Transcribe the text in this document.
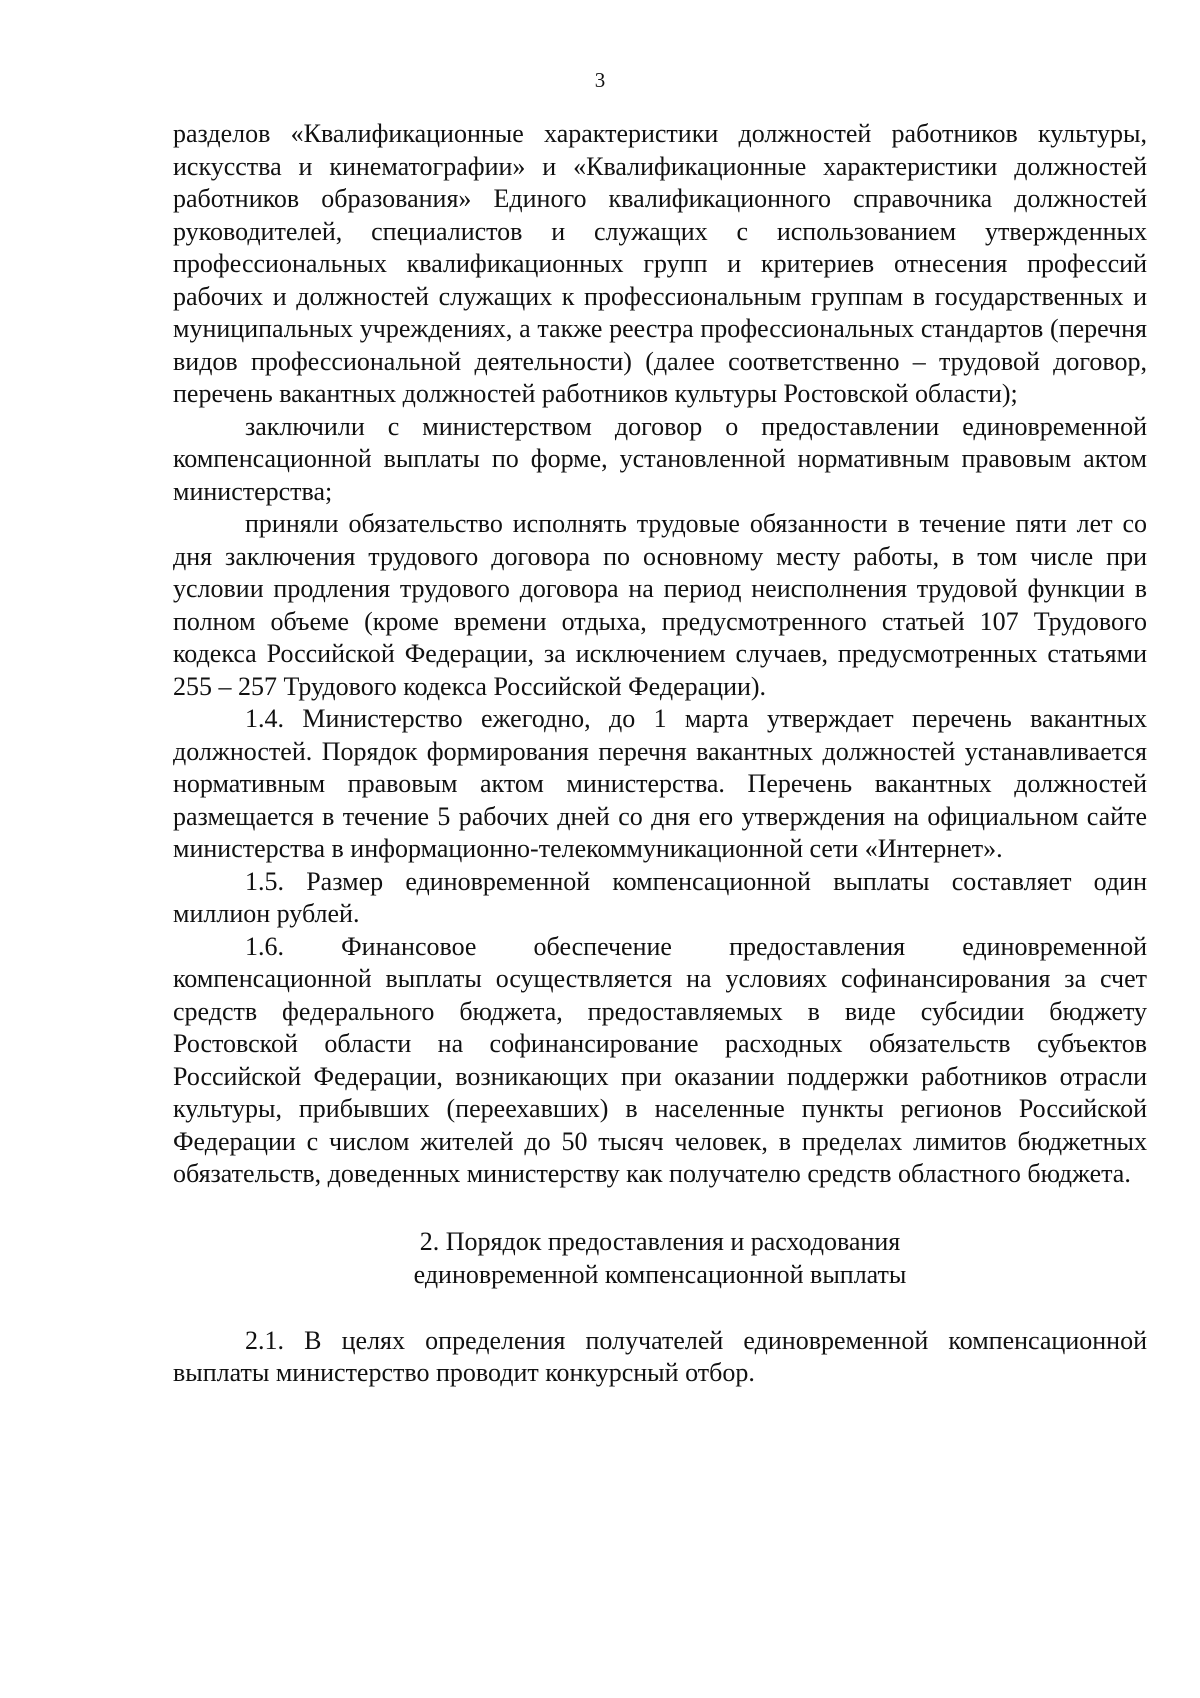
3

разделов «Квалификационные характеристики должностей работников культуры, искусства и кинематографии» и «Квалификационные характеристики должностей работников образования» Единого квалификационного справочника должностей руководителей, специалистов и служащих с использованием утвержденных профессиональных квалификационных групп и критериев отнесения профессий рабочих и должностей служащих к профессиональным группам в государственных и муниципальных учреждениях, а также реестра профессиональных стандартов (перечня видов профессиональной деятельности) (далее соответственно – трудовой договор, перечень вакантных должностей работников культуры Ростовской области);

заключили с министерством договор о предоставлении единовременной компенсационной выплаты по форме, установленной нормативным правовым актом министерства;

приняли обязательство исполнять трудовые обязанности в течение пяти лет со дня заключения трудового договора по основному месту работы, в том числе при условии продления трудового договора на период неисполнения трудовой функции в полном объеме (кроме времени отдыха, предусмотренного статьей 107 Трудового кодекса Российской Федерации, за исключением случаев, предусмотренных статьями 255 – 257 Трудового кодекса Российской Федерации).

1.4. Министерство ежегодно, до 1 марта утверждает перечень вакантных должностей. Порядок формирования перечня вакантных должностей устанавливается нормативным правовым актом министерства. Перечень вакантных должностей размещается в течение 5 рабочих дней со дня его утверждения на официальном сайте министерства в информационно-телекоммуникационной сети «Интернет».

1.5. Размер единовременной компенсационной выплаты составляет один миллион рублей.

1.6. Финансовое обеспечение предоставления единовременной компенсационной выплаты осуществляется на условиях софинансирования за счет средств федерального бюджета, предоставляемых в виде субсидии бюджету Ростовской области на софинансирование расходных обязательств субъектов Российской Федерации, возникающих при оказании поддержки работников отрасли культуры, прибывших (переехавших) в населенные пункты регионов Российской Федерации с числом жителей до 50 тысяч человек, в пределах лимитов бюджетных обязательств, доведенных министерству как получателю средств областного бюджета.

2. Порядок предоставления и расходования

единовременной компенсационной выплаты

2.1. В целях определения получателей единовременной компенсационной выплаты министерство проводит конкурсный отбор.
